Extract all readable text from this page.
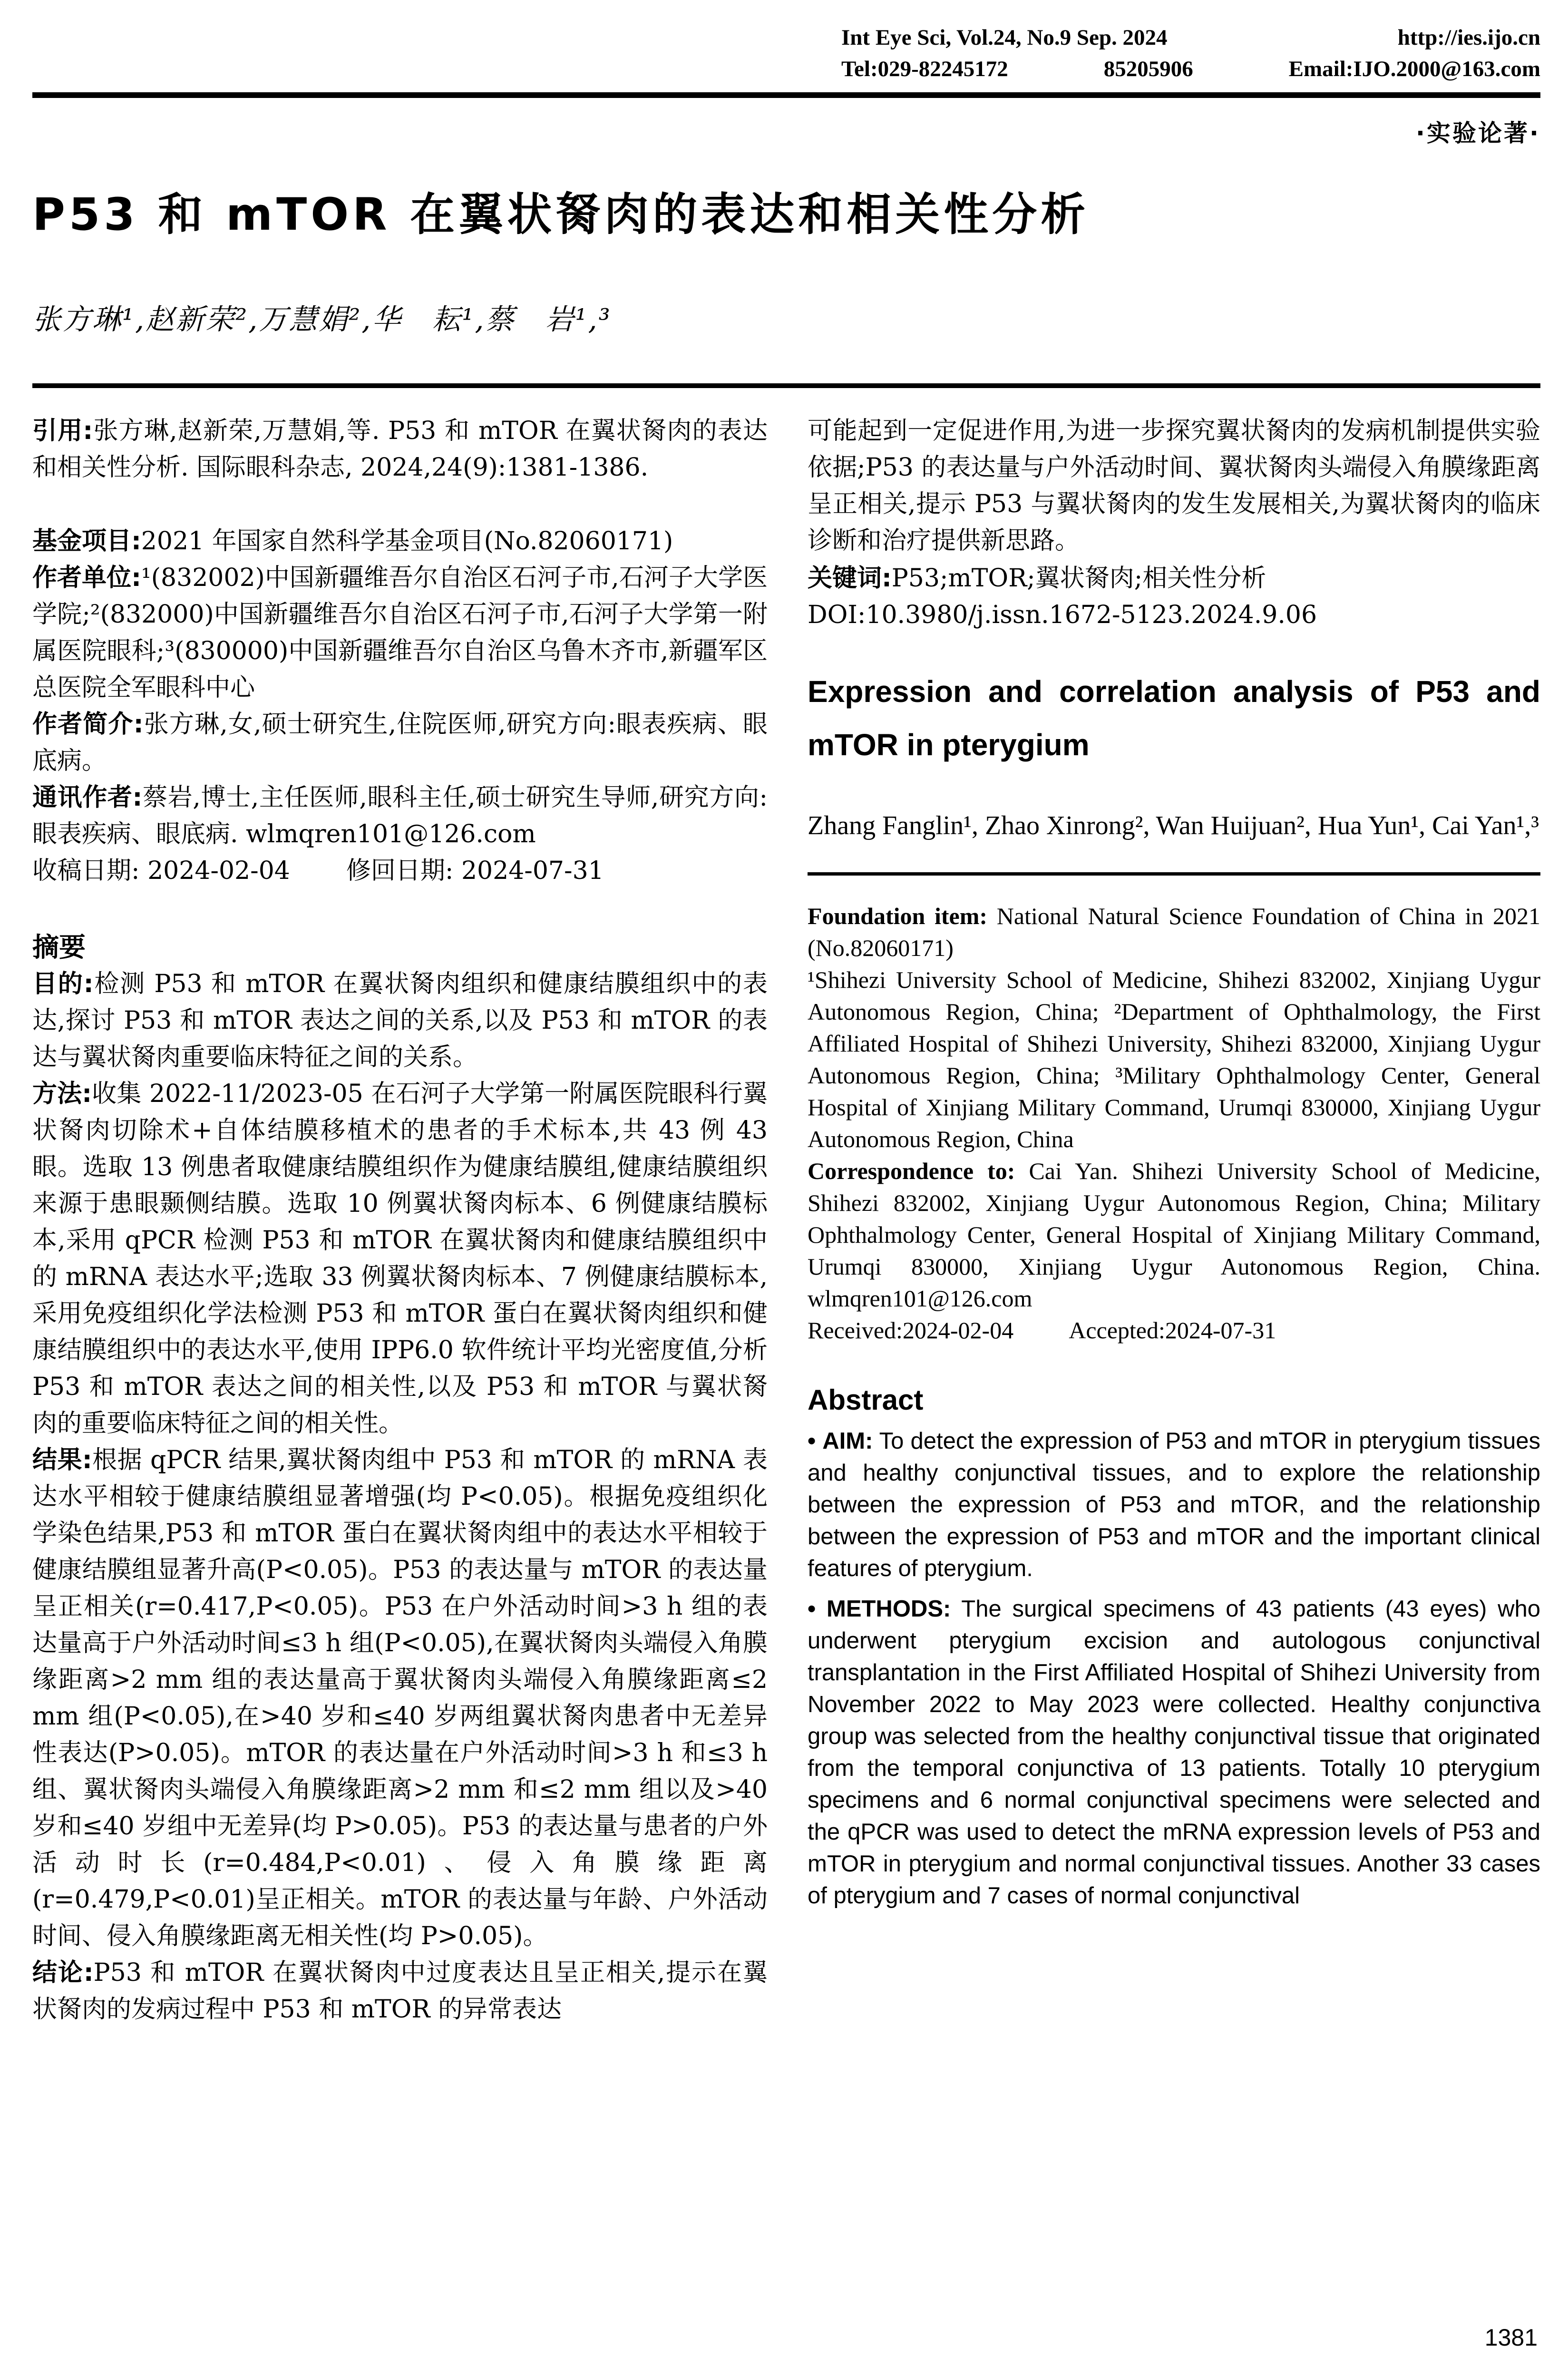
Int Eye Sci, Vol.24, No.9 Sep. 2024	http://ies.ijo.cn
Tel:029-82245172	85205906	Email:IJO.2000@163.com
·实验论著·
P53 和 mTOR 在翼状胬肉的表达和相关性分析
张方琳¹,赵新荣²,万慧娟²,华　耘¹,蔡　岩¹,³

引用:张方琳,赵新荣,万慧娟,等. P53 和 mTOR 在翼状胬肉的表达和相关性分析. 国际眼科杂志, 2024,24(9):1381-1386.

基金项目:2021 年国家自然科学基金项目(No.82060171)

作者单位:¹(832002)中国新疆维吾尔自治区石河子市,石河子大学医学院;²(832000)中国新疆维吾尔自治区石河子市,石河子大学第一附属医院眼科;³(830000)中国新疆维吾尔自治区乌鲁木齐市,新疆军区总医院全军眼科中心

作者简介:张方琳,女,硕士研究生,住院医师,研究方向:眼表疾病、眼底病。

通讯作者:蔡岩,博士,主任医师,眼科主任,硕士研究生导师,研究方向:眼表疾病、眼底病. wlmqren101@126.com

收稿日期: 2024-02-04 修回日期: 2024-07-31

摘要

目的:检测 P53 和 mTOR 在翼状胬肉组织和健康结膜组织中的表达,探讨 P53 和 mTOR 表达之间的关系,以及 P53 和 mTOR 的表达与翼状胬肉重要临床特征之间的关系。

方法:收集 2022-11/2023-05 在石河子大学第一附属医院眼科行翼状胬肉切除术+自体结膜移植术的患者的手术标本,共 43 例 43 眼。选取 13 例患者取健康结膜组织作为健康结膜组,健康结膜组织来源于患眼颞侧结膜。选取 10 例翼状胬肉标本、6 例健康结膜标本,采用 qPCR 检测 P53 和 mTOR 在翼状胬肉和健康结膜组织中的 mRNA 表达水平;选取 33 例翼状胬肉标本、7 例健康结膜标本,采用免疫组织化学法检测 P53 和 mTOR 蛋白在翼状胬肉组织和健康结膜组织中的表达水平,使用 IPP6.0 软件统计平均光密度值,分析 P53 和 mTOR 表达之间的相关性,以及 P53 和 mTOR 与翼状胬肉的重要临床特征之间的相关性。

结果:根据 qPCR 结果,翼状胬肉组中 P53 和 mTOR 的 mRNA 表达水平相较于健康结膜组显著增强(均 P<0.05)。根据免疫组织化学染色结果,P53 和 mTOR 蛋白在翼状胬肉组中的表达水平相较于健康结膜组显著升高(P<0.05)。P53 的表达量与 mTOR 的表达量呈正相关(r=0.417,P<0.05)。P53 在户外活动时间>3 h 组的表达量高于户外活动时间≤3 h 组(P<0.05),在翼状胬肉头端侵入角膜缘距离>2 mm 组的表达量高于翼状胬肉头端侵入角膜缘距离≤2 mm 组(P<0.05),在>40 岁和≤40 岁两组翼状胬肉患者中无差异性表达(P>0.05)。mTOR 的表达量在户外活动时间>3 h 和≤3 h 组、翼状胬肉头端侵入角膜缘距离>2 mm 和≤2 mm 组以及>40 岁和≤40 岁组中无差异(均 P>0.05)。P53 的表达量与患者的户外活动时长(r=0.484,P<0.01)、侵入角膜缘距离(r=0.479,P<0.01)呈正相关。mTOR 的表达量与年龄、户外活动时间、侵入角膜缘距离无相关性(均 P>0.05)。

结论:P53 和 mTOR 在翼状胬肉中过度表达且呈正相关,提示在翼状胬肉的发病过程中 P53 和 mTOR 的异常表达

可能起到一定促进作用,为进一步探究翼状胬肉的发病机制提供实验依据;P53 的表达量与户外活动时间、翼状胬肉头端侵入角膜缘距离呈正相关,提示 P53 与翼状胬肉的发生发展相关,为翼状胬肉的临床诊断和治疗提供新思路。

关键词:P53;mTOR;翼状胬肉;相关性分析

DOI:10.3980/j.issn.1672-5123.2024.9.06

Expression and correlation analysis of P53 and mTOR in pterygium
Zhang Fanglin¹, Zhao Xinrong², Wan Huijuan², Hua Yun¹, Cai Yan¹,³

Foundation item: National Natural Science Foundation of China in 2021 (No.82060171)

¹Shihezi University School of Medicine, Shihezi 832002, Xinjiang Uygur Autonomous Region, China; ²Department of Ophthalmology, the First Affiliated Hospital of Shihezi University, Shihezi 832000, Xinjiang Uygur Autonomous Region, China; ³Military Ophthalmology Center, General Hospital of Xinjiang Military Command, Urumqi 830000, Xinjiang Uygur Autonomous Region, China

Correspondence to: Cai Yan. Shihezi University School of Medicine, Shihezi 832002, Xinjiang Uygur Autonomous Region, China; Military Ophthalmology Center, General Hospital of Xinjiang Military Command, Urumqi 830000, Xinjiang Uygur Autonomous Region, China. wlmqren101@126.com

Received:2024-02-04 Accepted:2024-07-31

Abstract

• AIM: To detect the expression of P53 and mTOR in pterygium tissues and healthy conjunctival tissues, and to explore the relationship between the expression of P53 and mTOR, and the relationship between the expression of P53 and mTOR and the important clinical features of pterygium.

• METHODS: The surgical specimens of 43 patients (43 eyes) who underwent pterygium excision and autologous conjunctival transplantation in the First Affiliated Hospital of Shihezi University from November 2022 to May 2023 were collected. Healthy conjunctiva group was selected from the healthy conjunctival tissue that originated from the temporal conjunctiva of 13 patients. Totally 10 pterygium specimens and 6 normal conjunctival specimens were selected and the qPCR was used to detect the mRNA expression levels of P53 and mTOR in pterygium and normal conjunctival tissues. Another 33 cases of pterygium and 7 cases of normal conjunctival

1381
